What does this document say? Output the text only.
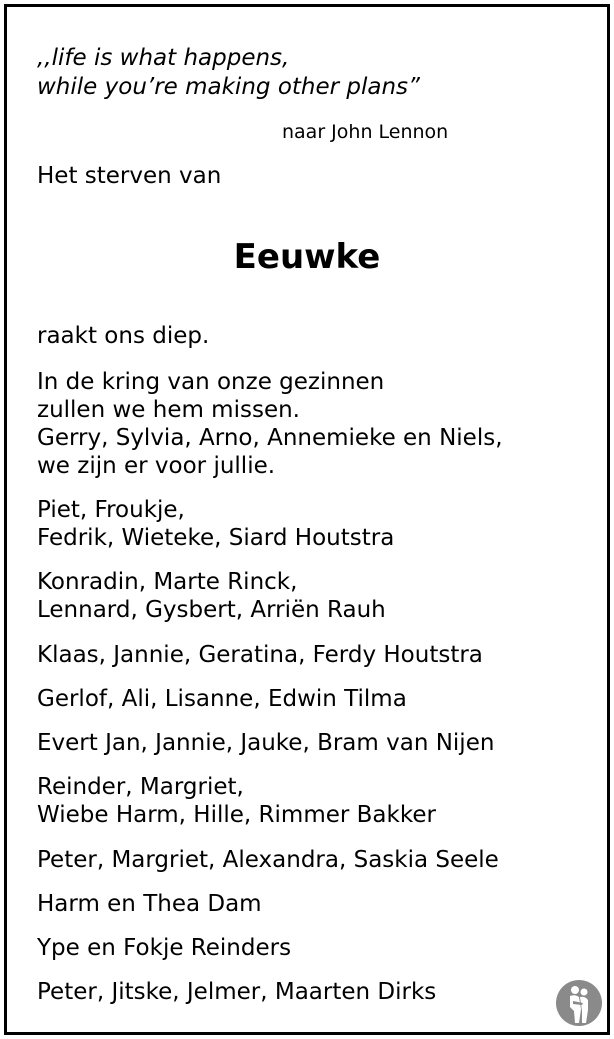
,,life is what happens,
while you’re making other plans”
naar John Lennon
Het sterven van
Eeuwke
raakt ons diep.
In de kring van onze gezinnen
zullen we hem missen.
Gerry, Sylvia, Arno, Annemieke en Niels,
we zijn er voor jullie.
Piet, Froukje,
Fedrik, Wieteke, Siard Houtstra
Konradin, Marte Rinck,
Lennard, Gysbert, Arriën Rauh
Klaas, Jannie, Geratina, Ferdy Houtstra
Gerlof, Ali, Lisanne, Edwin Tilma
Evert Jan, Jannie, Jauke, Bram van Nijen
Reinder, Margriet,
Wiebe Harm, Hille, Rimmer Bakker
Peter, Margriet, Alexandra, Saskia Seele
Harm en Thea Dam
Ype en Fokje Reinders
Peter, Jitske, Jelmer, Maarten Dirks
